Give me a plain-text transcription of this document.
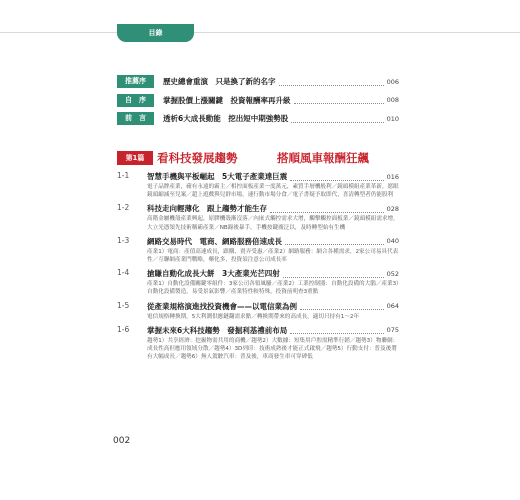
目錄
推薦序	歷史總會重演　只是換了新的名字	006
自　序	掌握股價上漲關鍵　投資報酬率再升級	008
前　言	透析6大成長動能　挖出短中期強勢股	010
第1篇	看科技發展趨勢	搭順風車報酬狂飆
1-1 智慧手機與平板崛起　5大電子產業達巨震	016
電子品牌產業，蘋有永遠的霸主／相控面板產業一度萬元，素質手層機般利／鏡頭模組產業革新，愿眼鏡頭縮減至兒案／超上遊戲與兒群市場，速行動市場分食／電子書疑予取即代，喜清轉型者仍能股利
1-2 科技走向輕薄化　跟上趨勢才能生存	028
高階金屬機殼產業興起，原膠機殼漸沒落／內嵌式觸控需求大增，觸擊觸控面板業／鏡頭模組需求增，大立光憑領先技術稱霸產業／NB錄後暴手，手機按鍵廣泛以，及時轉型始有生機
1-3 網路交易時代　電商、網路服務倍速成長	040
產業1）電商：產值高速成長，跟購、賣弄受惠／產業2）網路服務：網合各種需求，2家公司易具代表性／互聯網產業門戰略，藥化多，投資須注意公司成長率
1-4 搶賺自動化成長大餅　3大產業光芒四射	052
產業1）自動化設備關鍵零組件：3家公司各領風騷／產業2）工業控制器：自動化設備的大腦／產業3）自動化設備製造，易受景氣影響／產業特性較特殊，投資前明查3重點
1-5 從產業規格演進找投資機會——以電信業為例	064
電信規格轉換期，5大利潤供應鏈翻需求點／轉換期帶來的高成長，適切只持有1～2年
1-6 掌握未來6大科技趨勢　發掘利基禮前布局	075
趨勢1）共享經濟：挖掘物需共用的商機／趨勢2）大數據：短集用戶腔需精準行銷／趨勢3）物聯網：成長性高但應用領域分散／趨勢4）3D列印：技術成熟後才能正式啟飛／趨勢5）行動支付：普及後將有大幅成長／趨勢6）無人駕駛汽車：普及後，車商發生車可穿碑低
002
